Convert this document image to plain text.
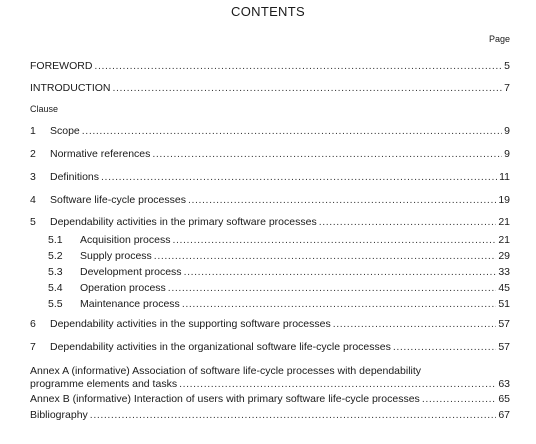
CONTENTS
Page
FOREWORD .....	5
INTRODUCTION .....	7
Clause
1	Scope .....	9
2	Normative references .....	9
3	Definitions .....	11
4	Software life-cycle processes .....	19
5	Dependability activities in the primary software processes .....	21
5.1	Acquisition process .....	21
5.2	Supply process .....	29
5.3	Development process .....	33
5.4	Operation process .....	45
5.5	Maintenance process .....	51
6	Dependability activities in the supporting software processes .....	57
7	Dependability activities in the organizational software life-cycle processes .....	57
Annex A (informative) Association of software life-cycle processes with dependability
programme elements and tasks .....	63
Annex B (informative) Interaction of users with primary software life-cycle processes .....	65
Bibliography .....	67
